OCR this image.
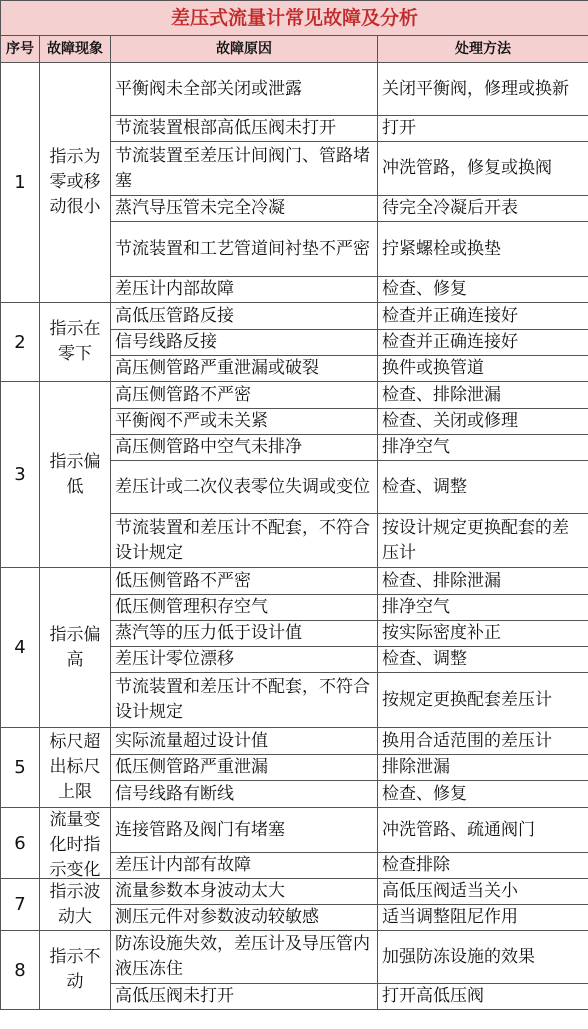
差压式流量计常见故障及分析			
序号	故障现象	故障原因	处理方法
1	指示为零或移动很小	平衡阀未全部关闭或泄露	关闭平衡阀，修理或换新
		节流装置根部高低压阀未打开	打开
		节流装置至差压计间阀门、管路堵塞	冲洗管路，修复或换阀
		蒸汽导压管未完全冷凝	待完全冷凝后开表
		节流装置和工艺管道间衬垫不严密	拧紧螺栓或换垫
		差压计内部故障	检查、修复
2	指示在零下	高低压管路反接	检查并正确连接好
		信号线路反接	检查并正确连接好
		高压侧管路严重泄漏或破裂	换件或换管道
3	指示偏低	高压侧管路不严密	检查、排除泄漏
		平衡阀不严或未关紧	检查、关闭或修理
		高压侧管路中空气未排净	排净空气
		差压计或二次仪表零位失调或变位	检查、调整
		节流装置和差压计不配套，不符合设计规定	按设计规定更换配套的差压计
4	指示偏高	低压侧管路不严密	检查、排除泄漏
		低压侧管理积存空气	排净空气
		蒸汽等的压力低于设计值	按实际密度补正
		差压计零位漂移	检查、调整
		节流装置和差压计不配套，不符合设计规定	按规定更换配套差压计
5	标尺超出标尺上限	实际流量超过设计值	换用合适范围的差压计
		低压侧管路严重泄漏	排除泄漏
		信号线路有断线	检查、修复
6	流量变化时指示变化	连接管路及阀门有堵塞	冲洗管路、疏通阀门
		差压计内部有故障	检查排除
7	指示波动大	流量参数本身波动太大	高低压阀适当关小
		测压元件对参数波动较敏感	适当调整阻尼作用
8	指示不动	防冻设施失效，差压计及导压管内液压冻住	加强防冻设施的效果
		高低压阀未打开	打开高低压阀
